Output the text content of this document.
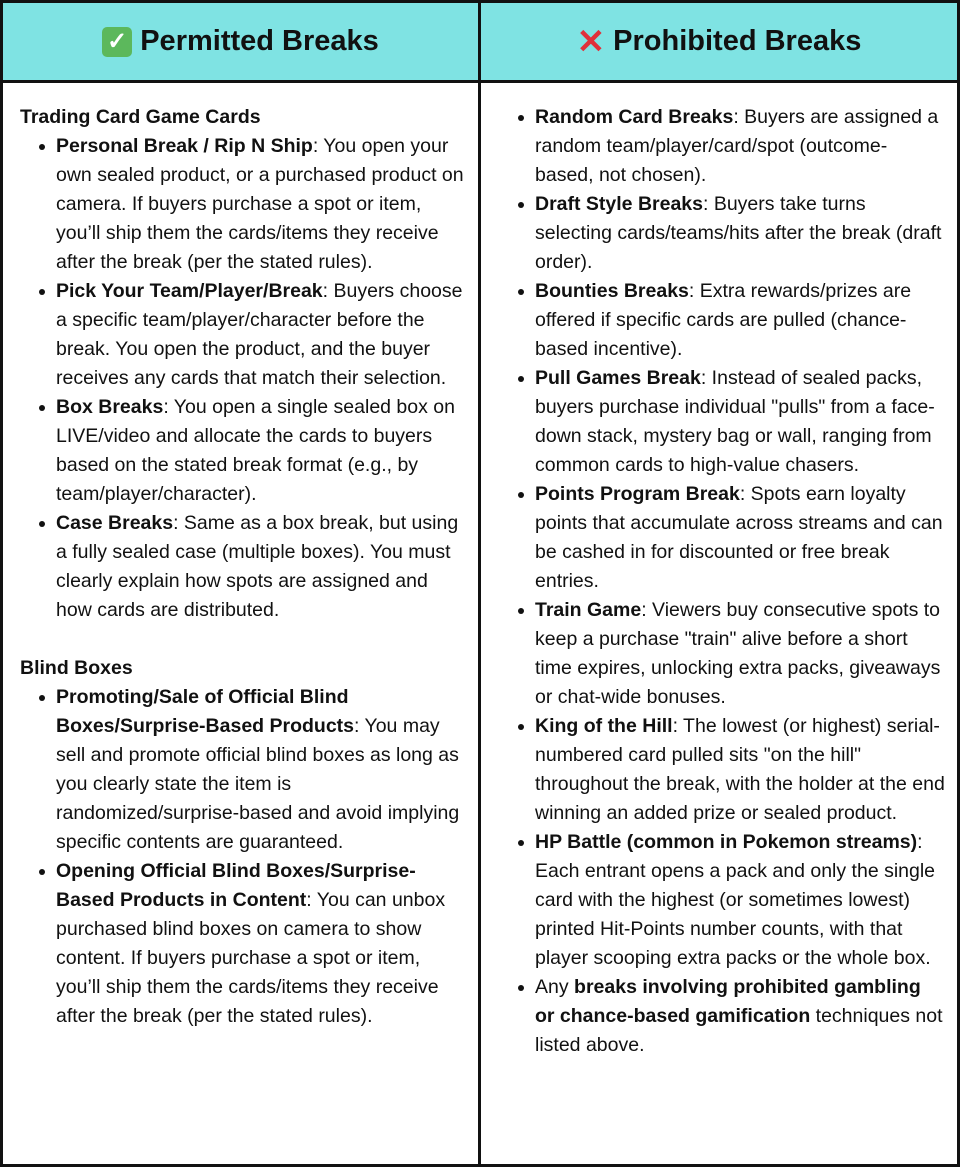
✓ Permitted Breaks	✕ Prohibited Breaks

Trading Card Game Cards

Personal Break / Rip N Ship: You open your own sealed product, or a purchased product on camera. If buyers purchase a spot or item, you’ll ship them the cards/items they receive after the break (per the stated rules).
Pick Your Team/Player/Break: Buyers choose a specific team/player/character before the break. You open the product, and the buyer receives any cards that match their selection.
Box Breaks: You open a single sealed box on LIVE/video and allocate the cards to buyers based on the stated break format (e.g., by team/player/character).
Case Breaks: Same as a box break, but using a fully sealed case (multiple boxes). You must clearly explain how spots are assigned and how cards are distributed.

Blind Boxes

Promoting/Sale of Official Blind Boxes/Surprise-Based Products: You may sell and promote official blind boxes as long as you clearly state the item is randomized/surprise-based and avoid implying specific contents are guaranteed.
Opening Official Blind Boxes/Surprise-Based Products in Content: You can unbox purchased blind boxes on camera to show content. If buyers purchase a spot or item, you’ll ship them the cards/items they receive after the break (per the stated rules).
Random Card Breaks: Buyers are assigned a random team/player/card/spot (outcome-based, not chosen).
Draft Style Breaks: Buyers take turns selecting cards/teams/hits after the break (draft order).
Bounties Breaks: Extra rewards/prizes are offered if specific cards are pulled (chance-based incentive).
Pull Games Break: Instead of sealed packs, buyers purchase individual "pulls" from a face-down stack, mystery bag or wall, ranging from common cards to high-value chasers.
Points Program Break: Spots earn loyalty points that accumulate across streams and can be cashed in for discounted or free break entries.
Train Game: Viewers buy consecutive spots to keep a purchase "train" alive before a short time expires, unlocking extra packs, giveaways or chat-wide bonuses.
King of the Hill: The lowest (or highest) serial-numbered card pulled sits "on the hill" throughout the break, with the holder at the end winning an added prize or sealed product.
HP Battle (common in Pokemon streams): Each entrant opens a pack and only the single card with the highest (or sometimes lowest) printed Hit-Points number counts, with that player scooping extra packs or the whole box.
Any breaks involving prohibited gambling or chance-based gamification techniques not listed above.
